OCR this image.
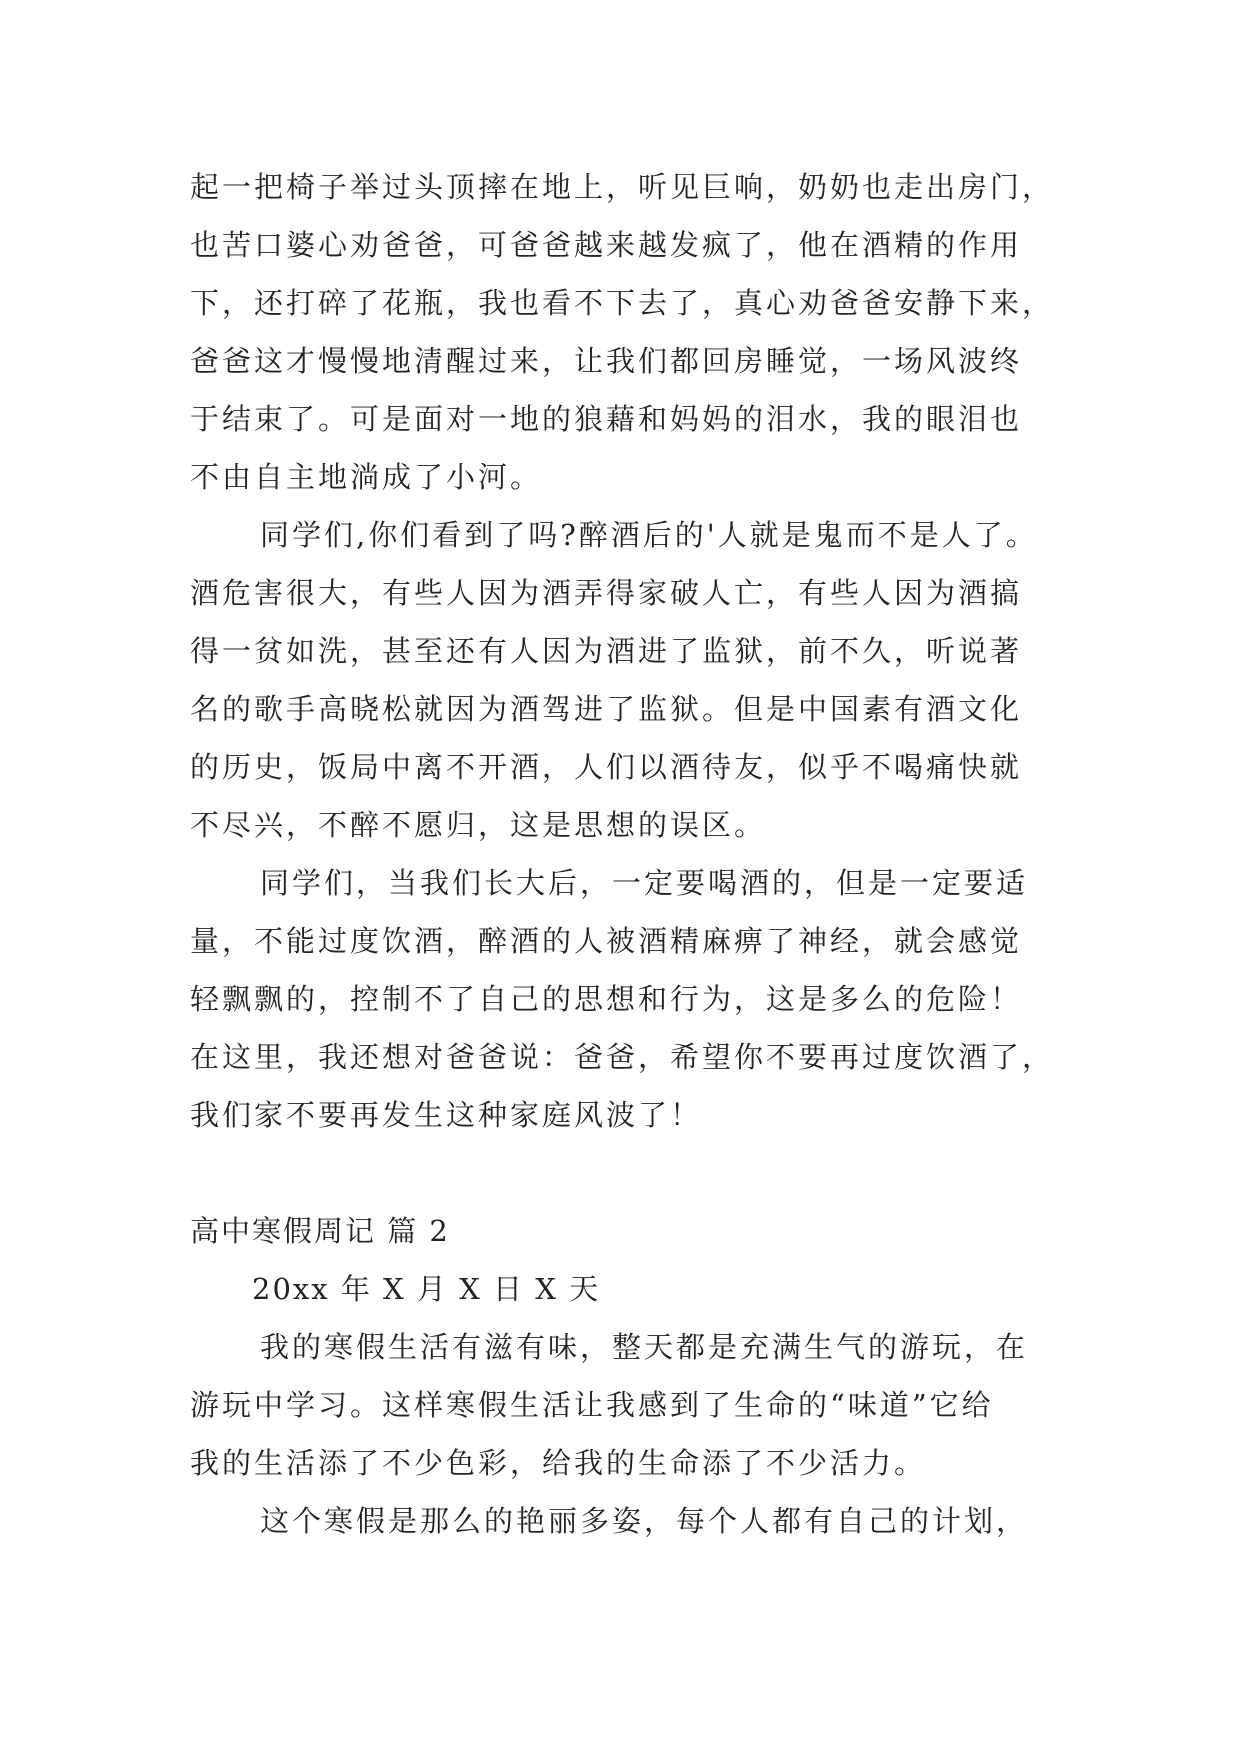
起一把椅子举过头顶摔在地上，听见巨响，奶奶也走出房门，
也苦口婆心劝爸爸，可爸爸越来越发疯了，他在酒精的作用
下，还打碎了花瓶，我也看不下去了，真心劝爸爸安静下来，
爸爸这才慢慢地清醒过来，让我们都回房睡觉，一场风波终
于结束了。可是面对一地的狼藉和妈妈的泪水，我的眼泪也
不由自主地淌成了小河。
同学们,你们看到了吗?醉酒后的'人就是鬼而不是人了。
酒危害很大，有些人因为酒弄得家破人亡，有些人因为酒搞
得一贫如洗，甚至还有人因为酒进了监狱，前不久，听说著
名的歌手高晓松就因为酒驾进了监狱。但是中国素有酒文化
的历史，饭局中离不开酒，人们以酒待友，似乎不喝痛快就
不尽兴，不醉不愿归，这是思想的误区。
同学们，当我们长大后，一定要喝酒的，但是一定要适
量，不能过度饮酒，醉酒的人被酒精麻痹了神经，就会感觉
轻飘飘的，控制不了自己的思想和行为，这是多么的危险！
在这里，我还想对爸爸说：爸爸，希望你不要再过度饮酒了，
我们家不要再发生这种家庭风波了！
高中寒假周记 篇 2
20xx 年 X 月 X 日 X 天
我的寒假生活有滋有味，整天都是充满生气的游玩，在
游玩中学习。这样寒假生活让我感到了生命的“味道”它给
我的生活添了不少色彩，给我的生命添了不少活力。
这个寒假是那么的艳丽多姿，每个人都有自己的计划，
